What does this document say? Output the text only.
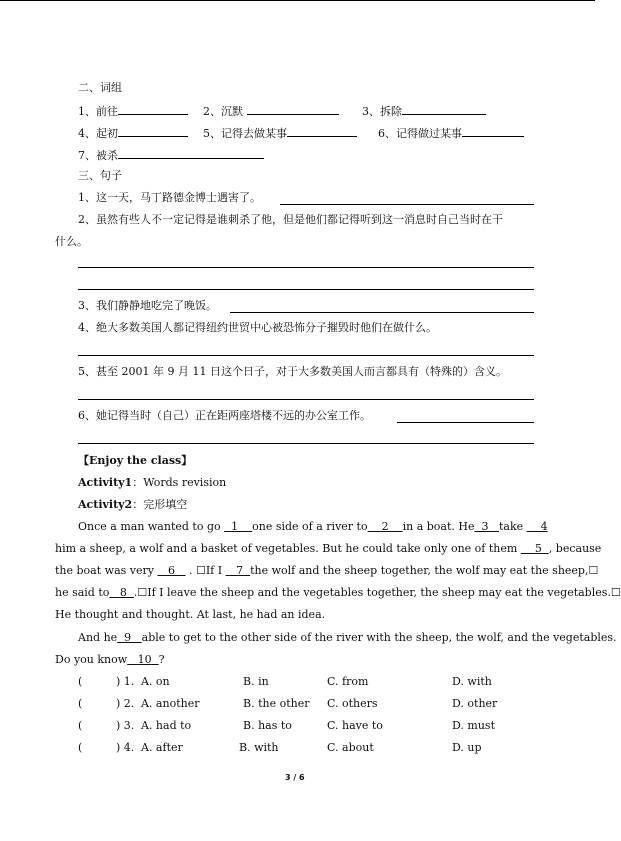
二、词组
1、前往	2、沉默	3、拆除
4、起初	5、记得去做某事	6、记得做过某事
7、被杀
三、句子
1、这一天，马丁路德金博士遇害了。
2、虽然有些人不一定记得是谁刺杀了他，但是他们都记得听到这一消息时自己当时在干
什么。
3、我们静静地吃完了晚饭。
4、绝大多数美国人都记得纽约世贸中心被恐怖分子摧毁时他们在做什么。
5、甚至 2001 年 9 月 11 日这个日子，对于大多数美国人而言都具有（特殊的）含义。
6、她记得当时（自己）正在距两座塔楼不远的办公室工作。
【Enjoy the class】
Activity1：Words revision
Activity2：完形填空
Once a man wanted to go   1 one side of a river to 2 in a boat. He 3 take     4
him a sheep, a wolf and a basket of vegetables. But he could take only one of them     5 , because
the boat was very    6    . ☐If I    7 the wolf and the sheep together, the wolf may eat the sheep,☐
he said to 8 .☐If I leave the sheep and the vegetables together, the sheep may eat the vegetables.☐
He thought and thought. At last, he had an idea.
And he 9 able to get to the other side of the river with the sheep, the wolf, and the vegetables.
Do you know 10 ?
(	) 1. A. on	B. in	C. from	D. with
(	) 2. A. another	B. the other C. others	D. other
(	) 3. A. had to	B. has to	C. have to	D. must
(	) 4. A. after	B. with	C. about	D. up
3 / 6
